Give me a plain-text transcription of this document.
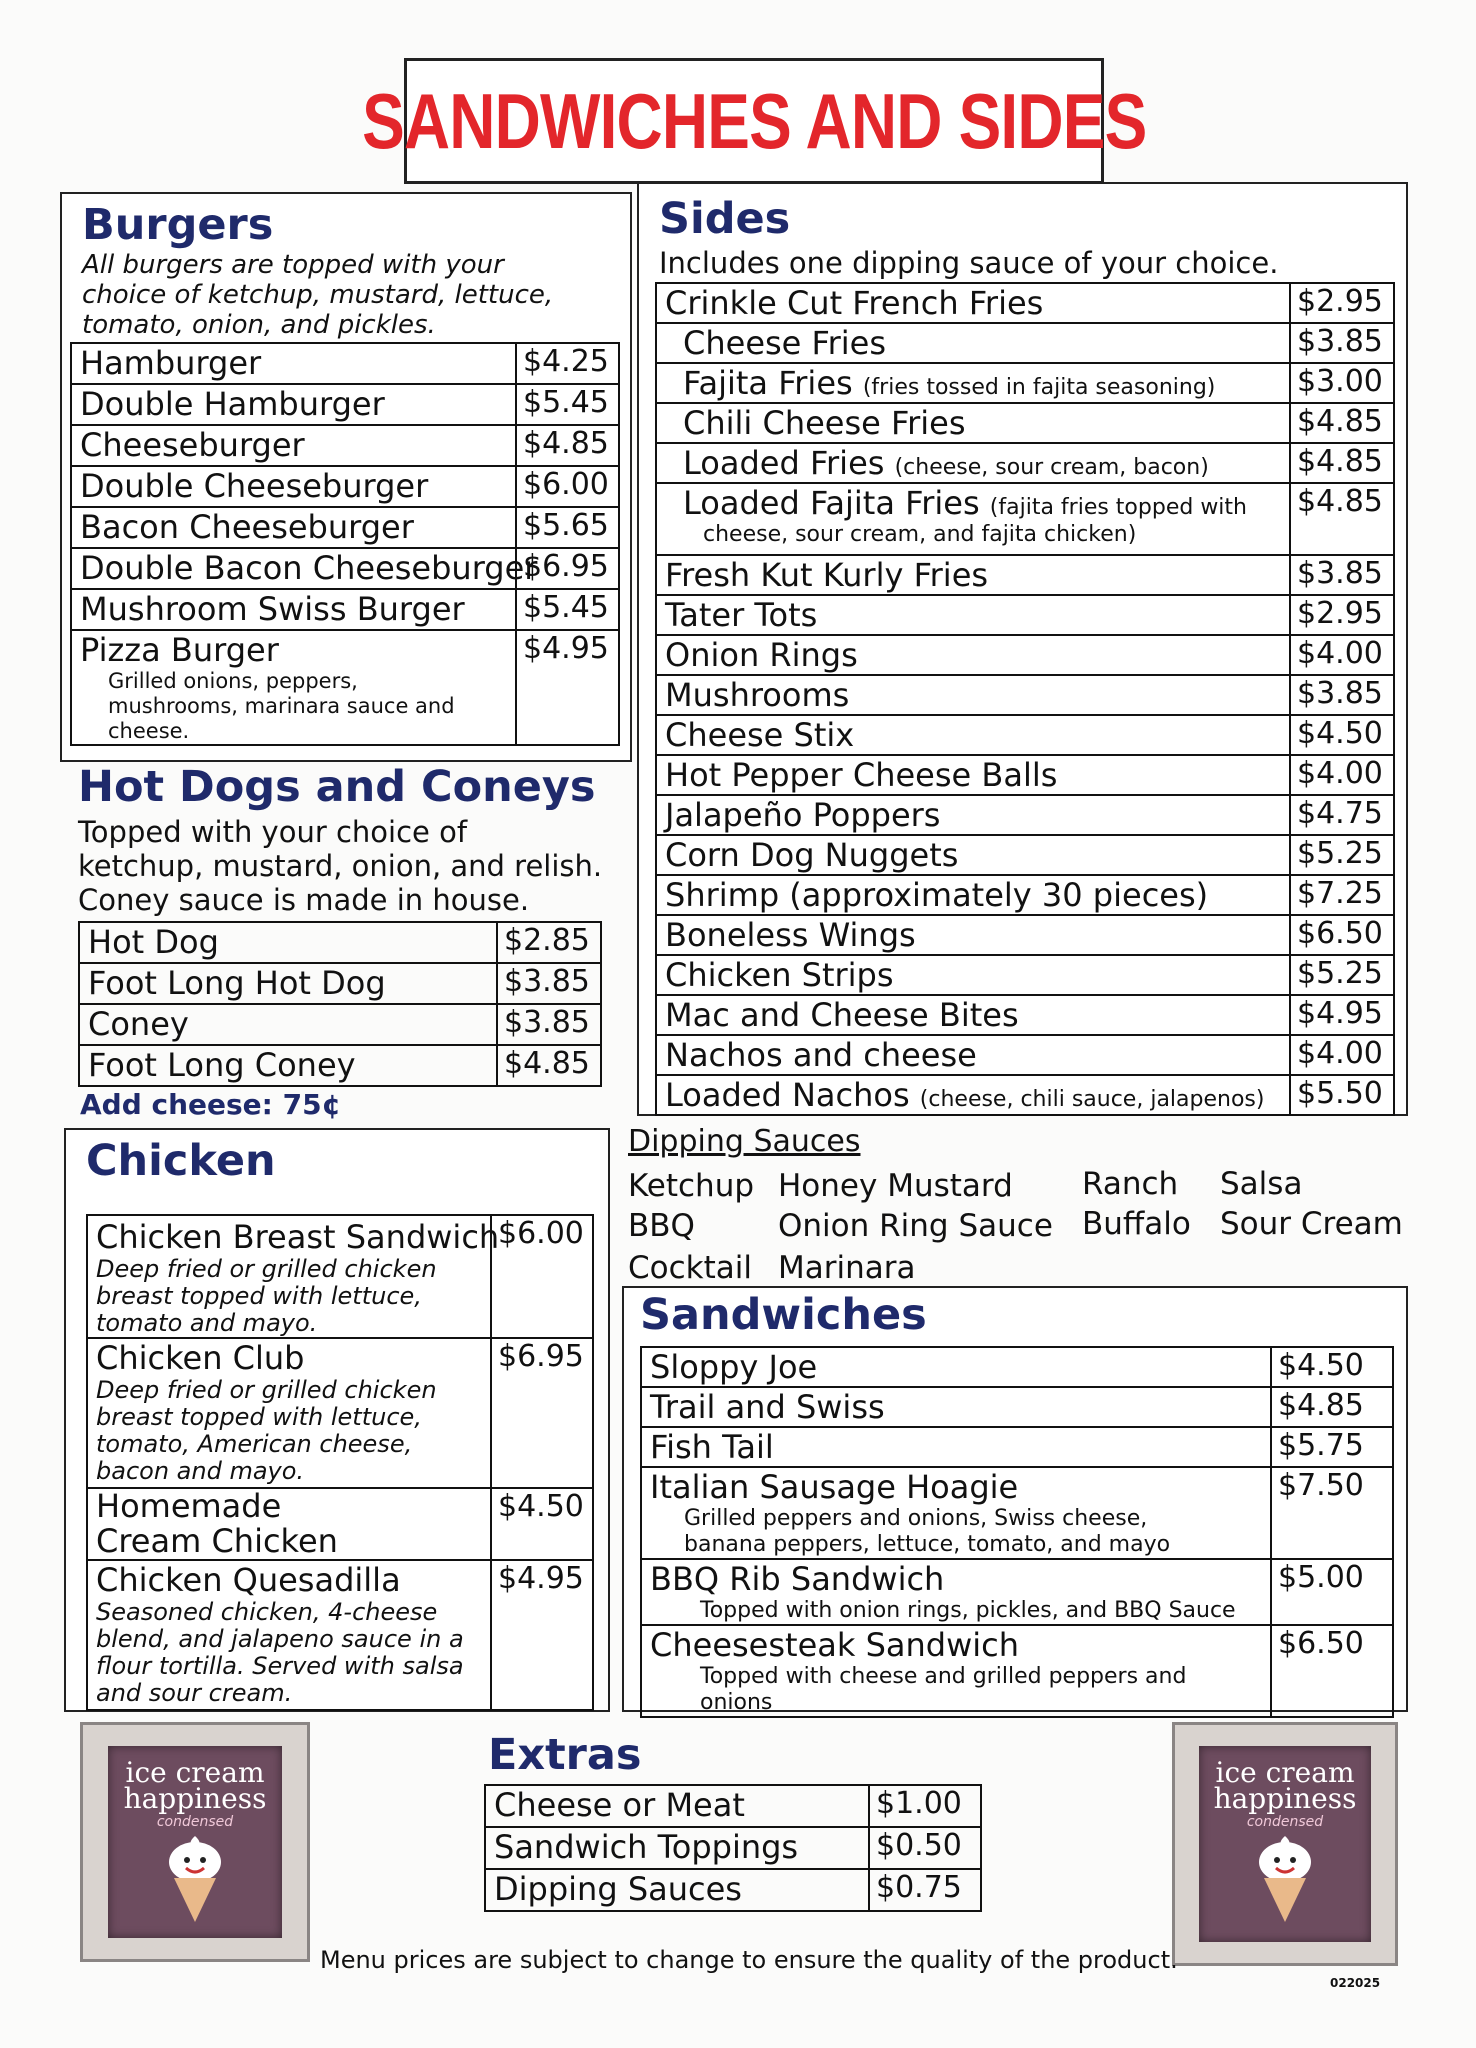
SANDWICHES AND SIDES
Burgers
All burgers are topped with your choice of ketchup, mustard, lettuce, tomato, onion, and pickles.
Hamburger	$4.25
Double Hamburger	$5.45
Cheeseburger	$4.85
Double Cheeseburger	$6.00
Bacon Cheeseburger	$5.65
Double Bacon Cheeseburger	$6.95
Mushroom Swiss Burger	$5.45

Pizza Burger
Grilled onions, peppers, mushrooms, marinara sauce and cheese.	$4.95
Hot Dogs and Coneys
Topped with your choice of
ketchup, mustard, onion, and relish.
Coney sauce is made in house.
Hot Dog	$2.85
Foot Long Hot Dog	$3.85
Coney	$3.85
Foot Long Coney	$4.85
Add cheese: 75¢
Chicken
Chicken Breast Sandwich
Deep fried or grilled chicken breast topped with lettuce, tomato and mayo.	$6.00

Chicken Club
Deep fried or grilled chicken breast topped with lettuce, tomato, American cheese, bacon and mayo.	$6.95

Homemade Cream Chicken	$4.50

Chicken Quesadilla
Seasoned chicken, 4-cheese blend, and jalapeno sauce in a flour tortilla. Served with salsa and sour cream.	$4.95
Sides
Includes one dipping sauce of your choice.
Crinkle Cut French Fries	$2.95
Cheese Fries	$3.85
Fajita Fries (fries tossed in fajita seasoning)	$3.00
Chili Cheese Fries	$4.85
Loaded Fries (cheese, sour cream, bacon)	$4.85

Loaded Fajita Fries (fajita fries topped with
cheese, sour cream, and fajita chicken)	$4.85
Fresh Kut Kurly Fries	$3.85
Tater Tots	$2.95
Onion Rings	$4.00
Mushrooms	$3.85
Cheese Stix	$4.50
Hot Pepper Cheese Balls	$4.00
Jalapeño Poppers	$4.75
Corn Dog Nuggets	$5.25
Shrimp (approximately 30 pieces)	$7.25
Boneless Wings	$6.50
Chicken Strips	$5.25
Mac and Cheese Bites	$4.95
Nachos and cheese	$4.00
Loaded Nachos (cheese, chili sauce, jalapenos)	$5.50
Dipping Sauces
Ketchup Honey Mustard Ranch Salsa
BBQ	Onion Ring Sauce Buffalo Sour Cream
Cocktail Marinara
Sandwiches
Sloppy Joe	$4.50
Trail and Swiss	$4.85
Fish Tail	$5.75

Italian Sausage Hoagie
Grilled peppers and onions, Swiss cheese, banana peppers, lettuce, tomato, and mayo	$7.50

BBQ Rib Sandwich
Topped with onion rings, pickles, and BBQ Sauce	$5.00

Cheesesteak Sandwich
Topped with cheese and grilled peppers and onions	$6.50
Extras
Cheese or Meat	$1.00
Sandwich Toppings	$0.50
Dipping Sauces	$0.75
ice cream
happiness
condensed
ice cream
happiness
condensed
Menu prices are subject to change to ensure the quality of the product.
022025
